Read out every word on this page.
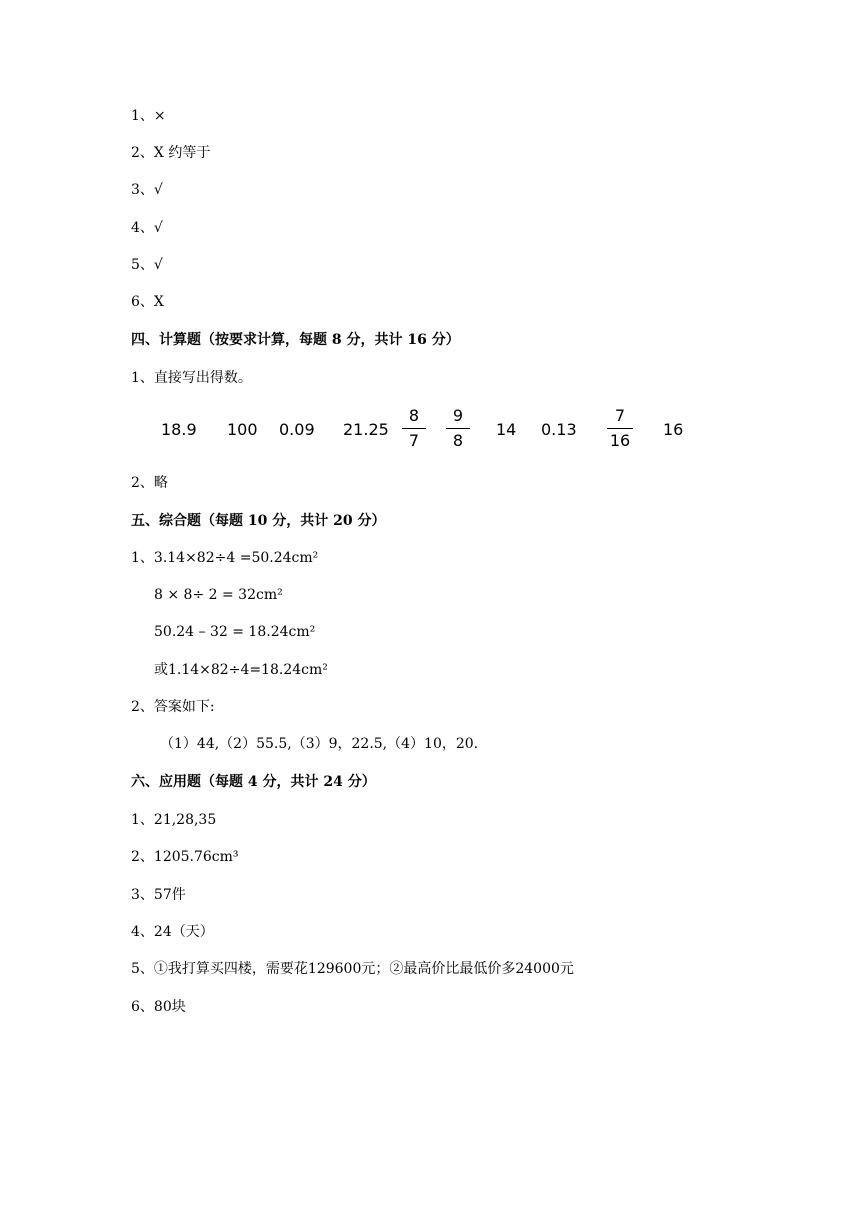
1、×
2、X 约等于
3、√
4、√
5、√
6、X
四、计算题（按要求计算，每题 8 分，共计 16 分）
1、直接写出得数。
18.9 100 0.09 $21.25 \frac{8}{7} \frac{9}{8} 14$ $0.13 \frac{7}{16} 16$
2、略
五、综合题（每题 10 分，共计 20 分）
1、3.14×82÷4 =50.24cm²
8 × 8÷ 2 = 32cm²
50.24 – 32 = 18.24cm²
或1.14×82÷4=18.24cm²
2、答案如下:
（1）44,（2）55.5,（3）9，22.5,（4）10，20.
六、应用题（每题 4 分，共计 24 分）
1、21,28,35
2、1205.76cm³
3、57件
4、24（天）
5、①我打算买四楼，需要花129600元；②最高价比最低价多24000元
6、80块
